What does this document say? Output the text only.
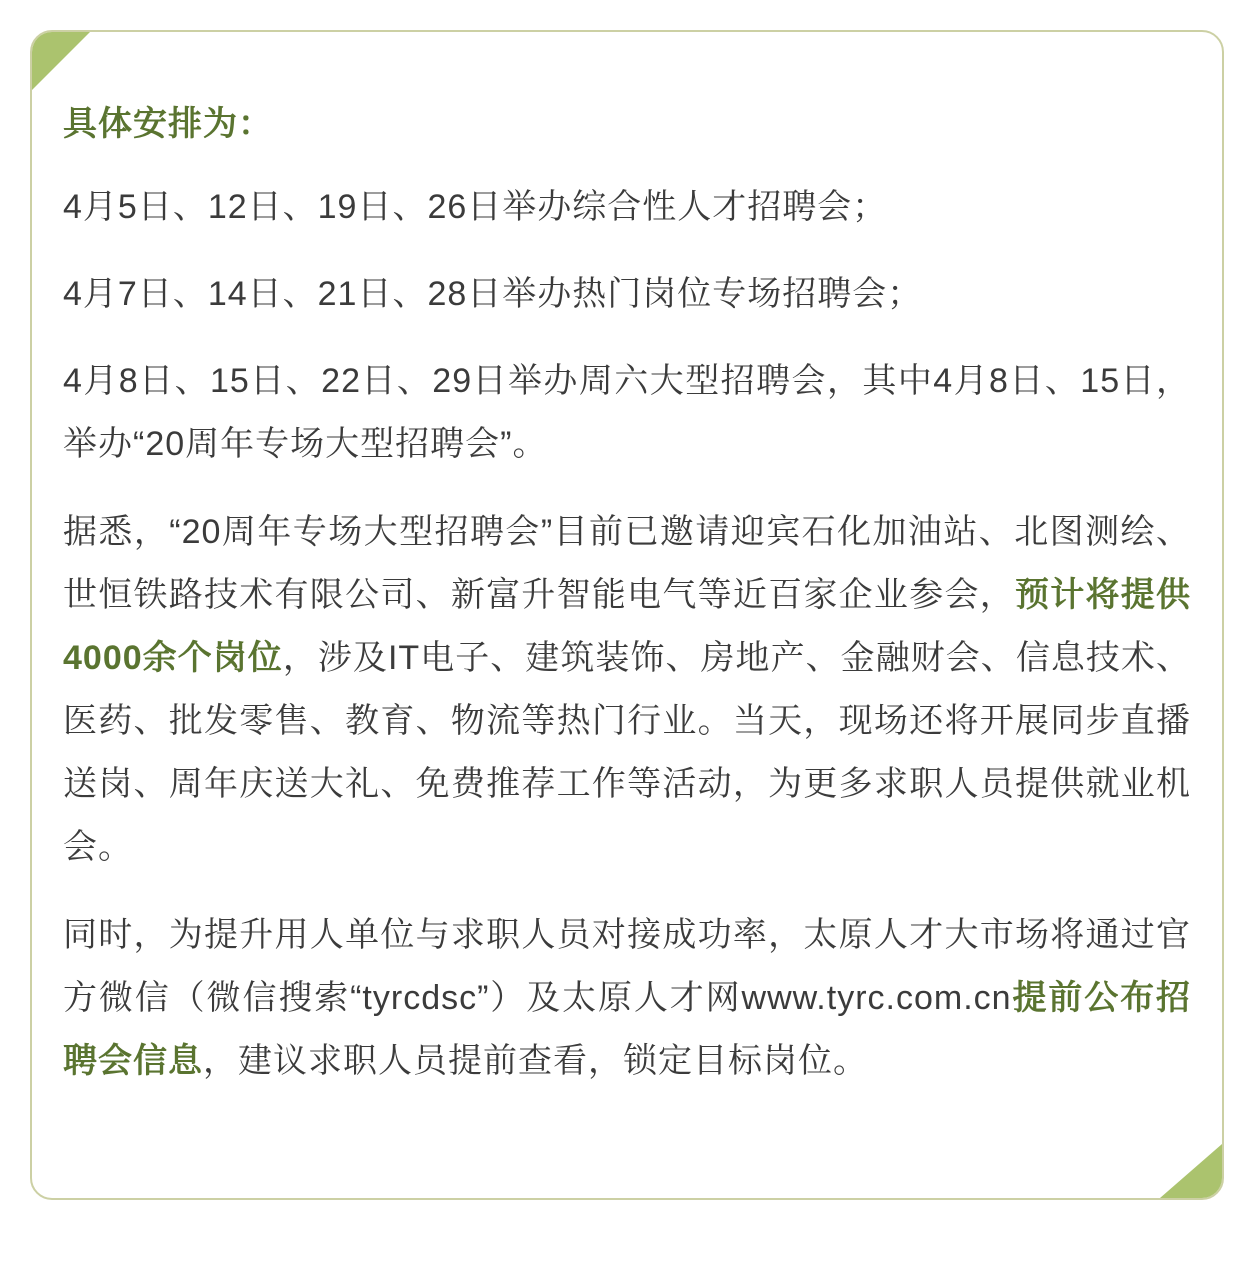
具体安排为：

4月5日、12日、19日、26日举办综合性人才招聘会；

4月7日、14日、21日、28日举办热门岗位专场招聘会；

4月8日、15日、22日、29日举办周六大型招聘会，其中4月8日、15日，举办“20周年专场大型招聘会”。

据悉，“20周年专场大型招聘会”目前已邀请迎宾石化加油站、北图测绘、世恒铁路技术有限公司、新富升智能电气等近百家企业参会，预计将提供4000余个岗位，涉及IT电子、建筑装饰、房地产、金融财会、信息技术、医药、批发零售、教育、物流等热门行业。当天，现场还将开展同步直播送岗、周年庆送大礼、免费推荐工作等活动，为更多求职人员提供就业机会。

同时，为提升用人单位与求职人员对接成功率，太原人才大市场将通过官方微信（微信搜索“tyrcdsc”）及太原人才网www.tyrc.com.cn提前公布招聘会信息，建议求职人员提前查看，锁定目标岗位。
